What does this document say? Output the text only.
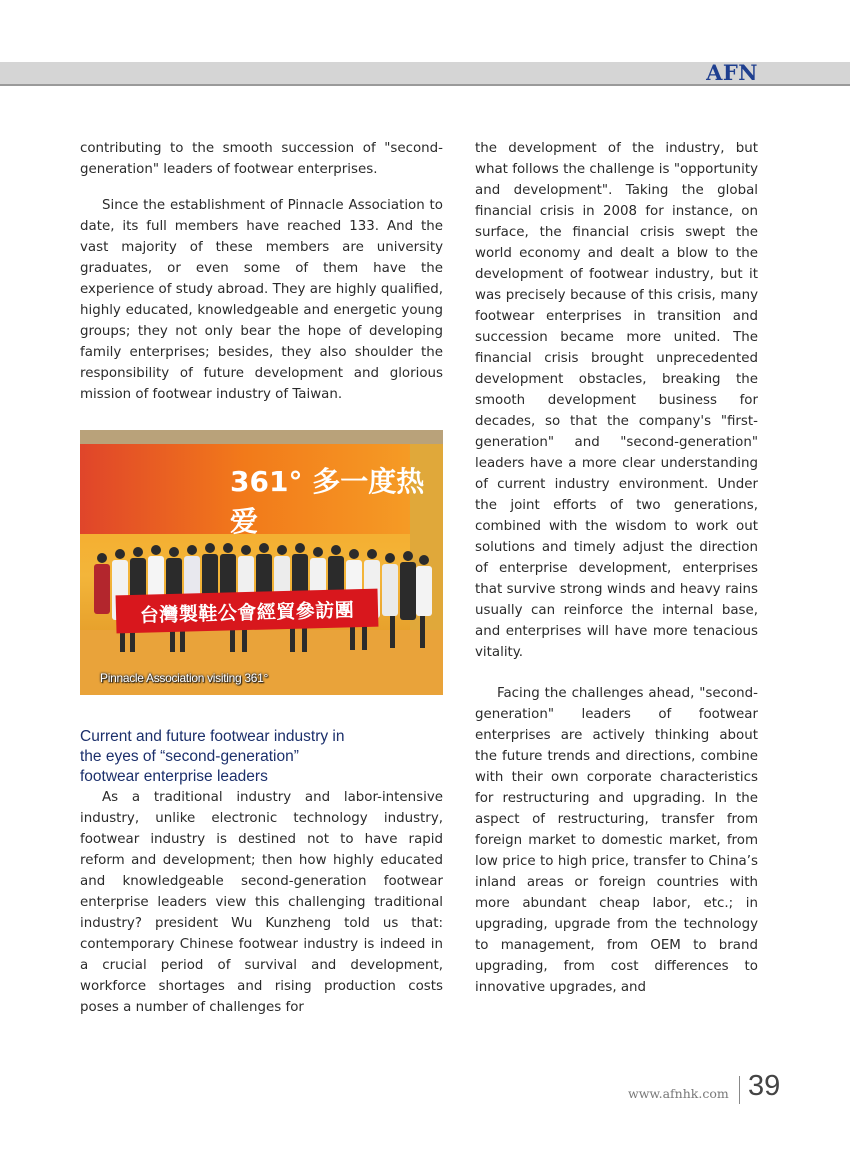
AFN

contributing to the smooth succession of "second-generation" leaders of footwear enterprises.

Since the establishment of Pinnacle Association to date, its full members have reached 133. And the vast majority of these members are university graduates, or even some of them have the experience of study abroad. They are highly qualified, highly educated, knowledgeable and energetic young groups; they not only bear the hope of developing family enterprises; besides, they also shoulder the responsibility of future development and glorious mission of footwear industry of Taiwan.

361° 多一度热爱
台灣製鞋公會經貿參訪團
Pinnacle Association visiting 361°
Current and future footwear industry in
the eyes of “second-generation”
footwear enterprise leaders

As a traditional industry and labor-intensive industry, unlike electronic technology industry, footwear industry is destined not to have rapid reform and development; then how highly educated and knowledgeable second-generation footwear enterprise leaders view this challenging traditional industry? president Wu Kunzheng told us that: contemporary Chinese footwear industry is indeed in a crucial period of survival and development, workforce shortages and rising production costs poses a number of challenges for

the development of the industry, but what follows the challenge is "opportunity and development". Taking the global financial crisis in 2008 for instance, on surface, the financial crisis swept the world economy and dealt a blow to the development of footwear industry, but it was precisely because of this crisis, many footwear enterprises in transition and succession became more united. The financial crisis brought unprecedented development obstacles, breaking the smooth development business for decades, so that the company's "first-generation" and "second-generation" leaders have a more clear understanding of current industry environment. Under the joint efforts of two generations, combined with the wisdom to work out solutions and timely adjust the direction of enterprise development, enterprises that survive strong winds and heavy rains usually can reinforce the internal base, and enterprises will have more tenacious vitality.

Facing the challenges ahead, "second-generation" leaders of footwear enterprises are actively thinking about the future trends and directions, combine with their own corporate characteristics for restructuring and upgrading. In the aspect of restructuring, transfer from foreign market to domestic market, from low price to high price, transfer to China’s inland areas or foreign countries with more abundant cheap labor, etc.; in upgrading, upgrade from the technology to management, from OEM to brand upgrading, from cost differences to innovative upgrades, and

www.afnhk.com 39
